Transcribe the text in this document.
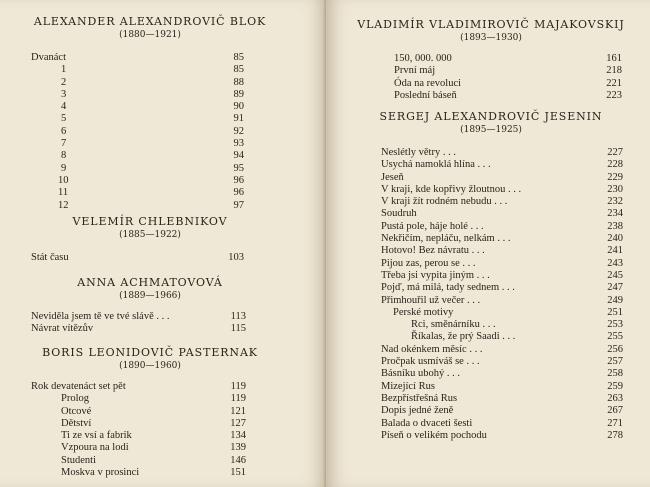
ALEXANDER ALEXANDROVIČ BLOK
(1880—1921)
Dvanáct	85
1	85
2	88
3	89
4	90
5	91
6	92
7	93
8	94
9	95
10	96
11	96
12	97
VELEMÍR CHLEBNIKOV
(1885—1922)
Stát času	103
ANNA ACHMATOVOVÁ
(1889—1966)
Neviděla jsem tě ve tvé slávě . . .	113
Návrat vítězův	115
BORIS LEONIDOVIČ PASTERNAK
(1890—1960)
Rok devatenáct set pět	119
Prolog	119
Otcové	121
Dětství	127
Ti ze vsí a fabrik	134
Vzpoura na lodi	139
Studenti	146
Moskva v prosinci	151
VLADIMÍR VLADIMIROVIČ MAJAKOVSKIJ
(1893—1930)
150, 000. 000	161
První máj	218
Óda na revoluci	221
Poslední báseň	223
SERGEJ ALEXANDROVIČ JESENIN
(1895—1925)
Neslétly větry . . .	227
Usychá namoklá hlína . . .	228
Jeseň	229
V kraji, kde kopřivy žloutnou . . .	230
V kraji žít rodném nebudu . . .	232
Soudruh	234
Pustá pole, háje holé . . .	238
Nekřičím, nepláču, nelkám . . .	240
Hotovo! Bez návratu . . .	241
Pijou zas, perou se . . .	243
Třeba jsi vypita jiným . . .	245
Pojď, má milá, tady sednem . . .	247
Přimhouřil už večer . . .	249
Perské motivy	251
Rci, směnárníku . . .	253
Říkalas, že prý Saadi . . .	255
Nad okénkem měsíc . . .	256
Pročpak usmíváš se . . .	257
Básníku ubohý . . .	258
Mizející Rus	259
Bezpřístřešná Rus	263
Dopis jedné ženě	267
Balada o dvaceti šesti	271
Píseň o velikém pochodu	278
